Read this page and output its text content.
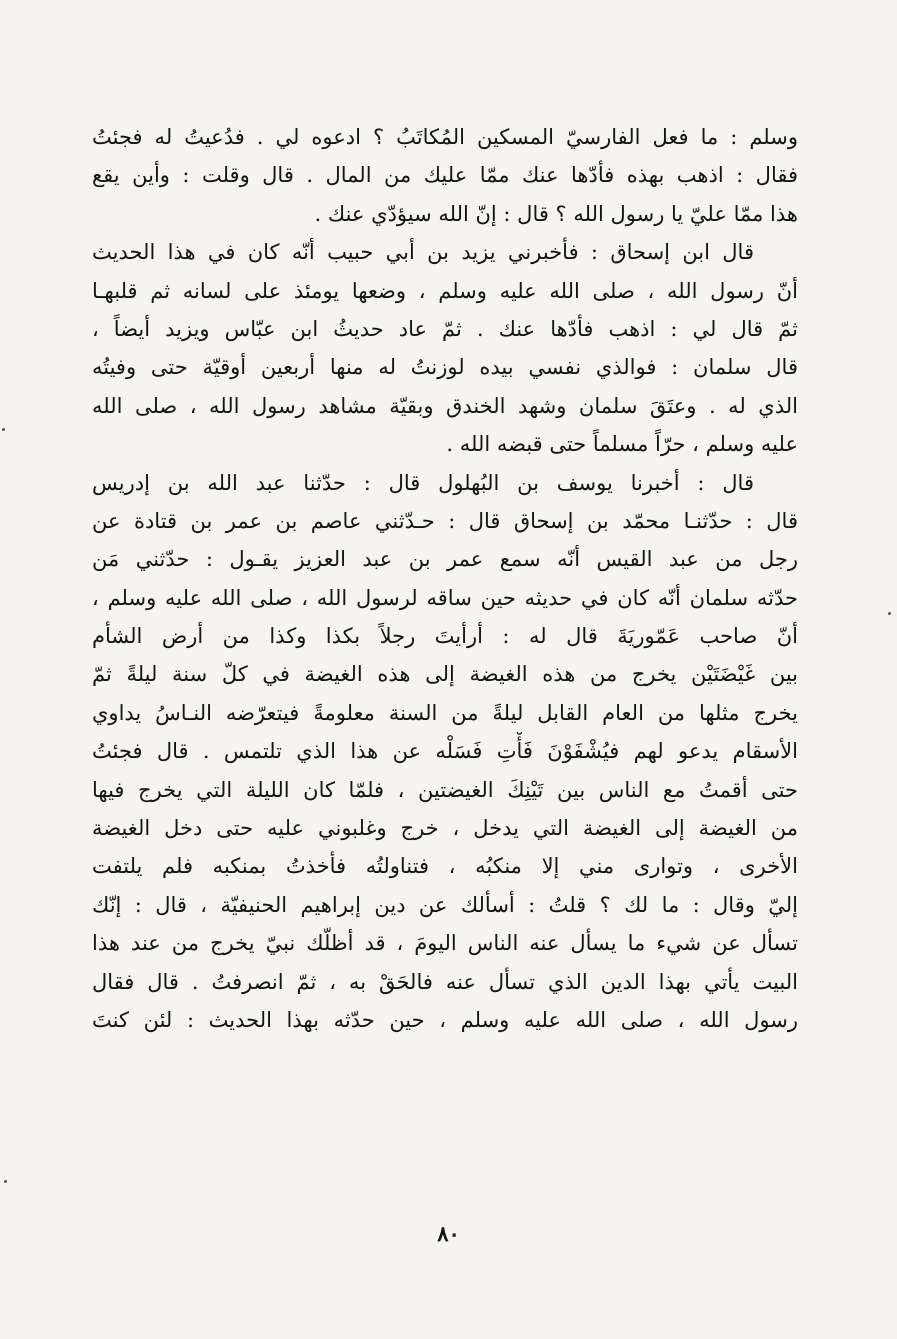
وسلم : ما فعل الفارسيّ المسكين المُكاتَبُ ؟ ادعوه لي . فدُعيتُ له فجئتُ
فقال : اذهب بهذه فأدّها عنك ممّا عليك من المال . قال وقلت : وأين يقع
هذا ممّا عليّ يا رسول الله ؟ قال : إنّ الله سيؤدّي عنك .
قال ابن إسحاق : فأخبرني يزيد بن أبي حبيب أنّه كان في هذا الحديث
أنّ رسول الله ، صلى الله عليه وسلم ، وضعها يومئذ على لسانه ثم قلبهـا
ثمّ قال لي : اذهب فأدّها عنك . ثمّ عاد حديثُ ابن عبّاس ويزيد أيضاً ،
قال سلمان : فوالذي نفسي بيده لوزنتُ له منها أربعين أوقيّة حتى وفيتُه
الذي له . وعتَقَ سلمان وشهد الخندق وبقيّة مشاهد رسول الله ، صلى الله
عليه وسلم ، حرّاً مسلماً حتى قبضه الله .
قال : أخبرنا يوسف بن البُهلول قال : حدّثنا عبد الله بن إدريس
قال : حدّثنـا محمّد بن إسحاق قال : حـدّثني عاصم بن عمر بن قتادة عن
رجل من عبد القيس أنّه سمع عمر بن عبد العزيز يقـول : حدّثني مَن
حدّثه سلمان أنّه كان في حديثه حين ساقه لرسول الله ، صلى الله عليه وسلم ،
أنّ صاحب عَمّوريَةَ قال له : أرأيتَ رجلاً بكذا وكذا من أرض الشأم
بين غَيْضَتَيْن يخرج من هذه الغيضة إلى هذه الغيضة في كلّ سنة ليلةً ثمّ
يخرج مثلها من العام القابل ليلةً من السنة معلومةً فيتعرّضه النـاسُ يداوي
الأسقام يدعو لهم فيُشْفَوْنَ فَأْتِ فَسَلْه عن هذا الذي تلتمس . قال فجئتُ
حتى أقمتُ مع الناس بين تَيْنِكَ الغيضتين ، فلمّا كان الليلة التي يخرج فيها
من الغيضة إلى الغيضة التي يدخل ، خرج وغلبوني عليه حتى دخل الغيضة
الأخرى ، وتوارى مني إلا منكبُه ، فتناولتُه فأخذتُ بمنكبه فلم يلتفت
إليّ وقال : ما لك ؟ قلتُ : أسألك عن دين إبراهيم الحنيفيّة ، قال : إنّك
تسأل عن شيء ما يسأل عنه الناس اليومَ ، قد أظلّك نبيّ يخرج من عند هذا
البيت يأتي بهذا الدين الذي تسأل عنه فالحَقْ به ، ثمّ انصرفتُ . قال فقال
رسول الله ، صلى الله عليه وسلم ، حين حدّثه بهذا الحديث : لئن كنتَ
٨٠
